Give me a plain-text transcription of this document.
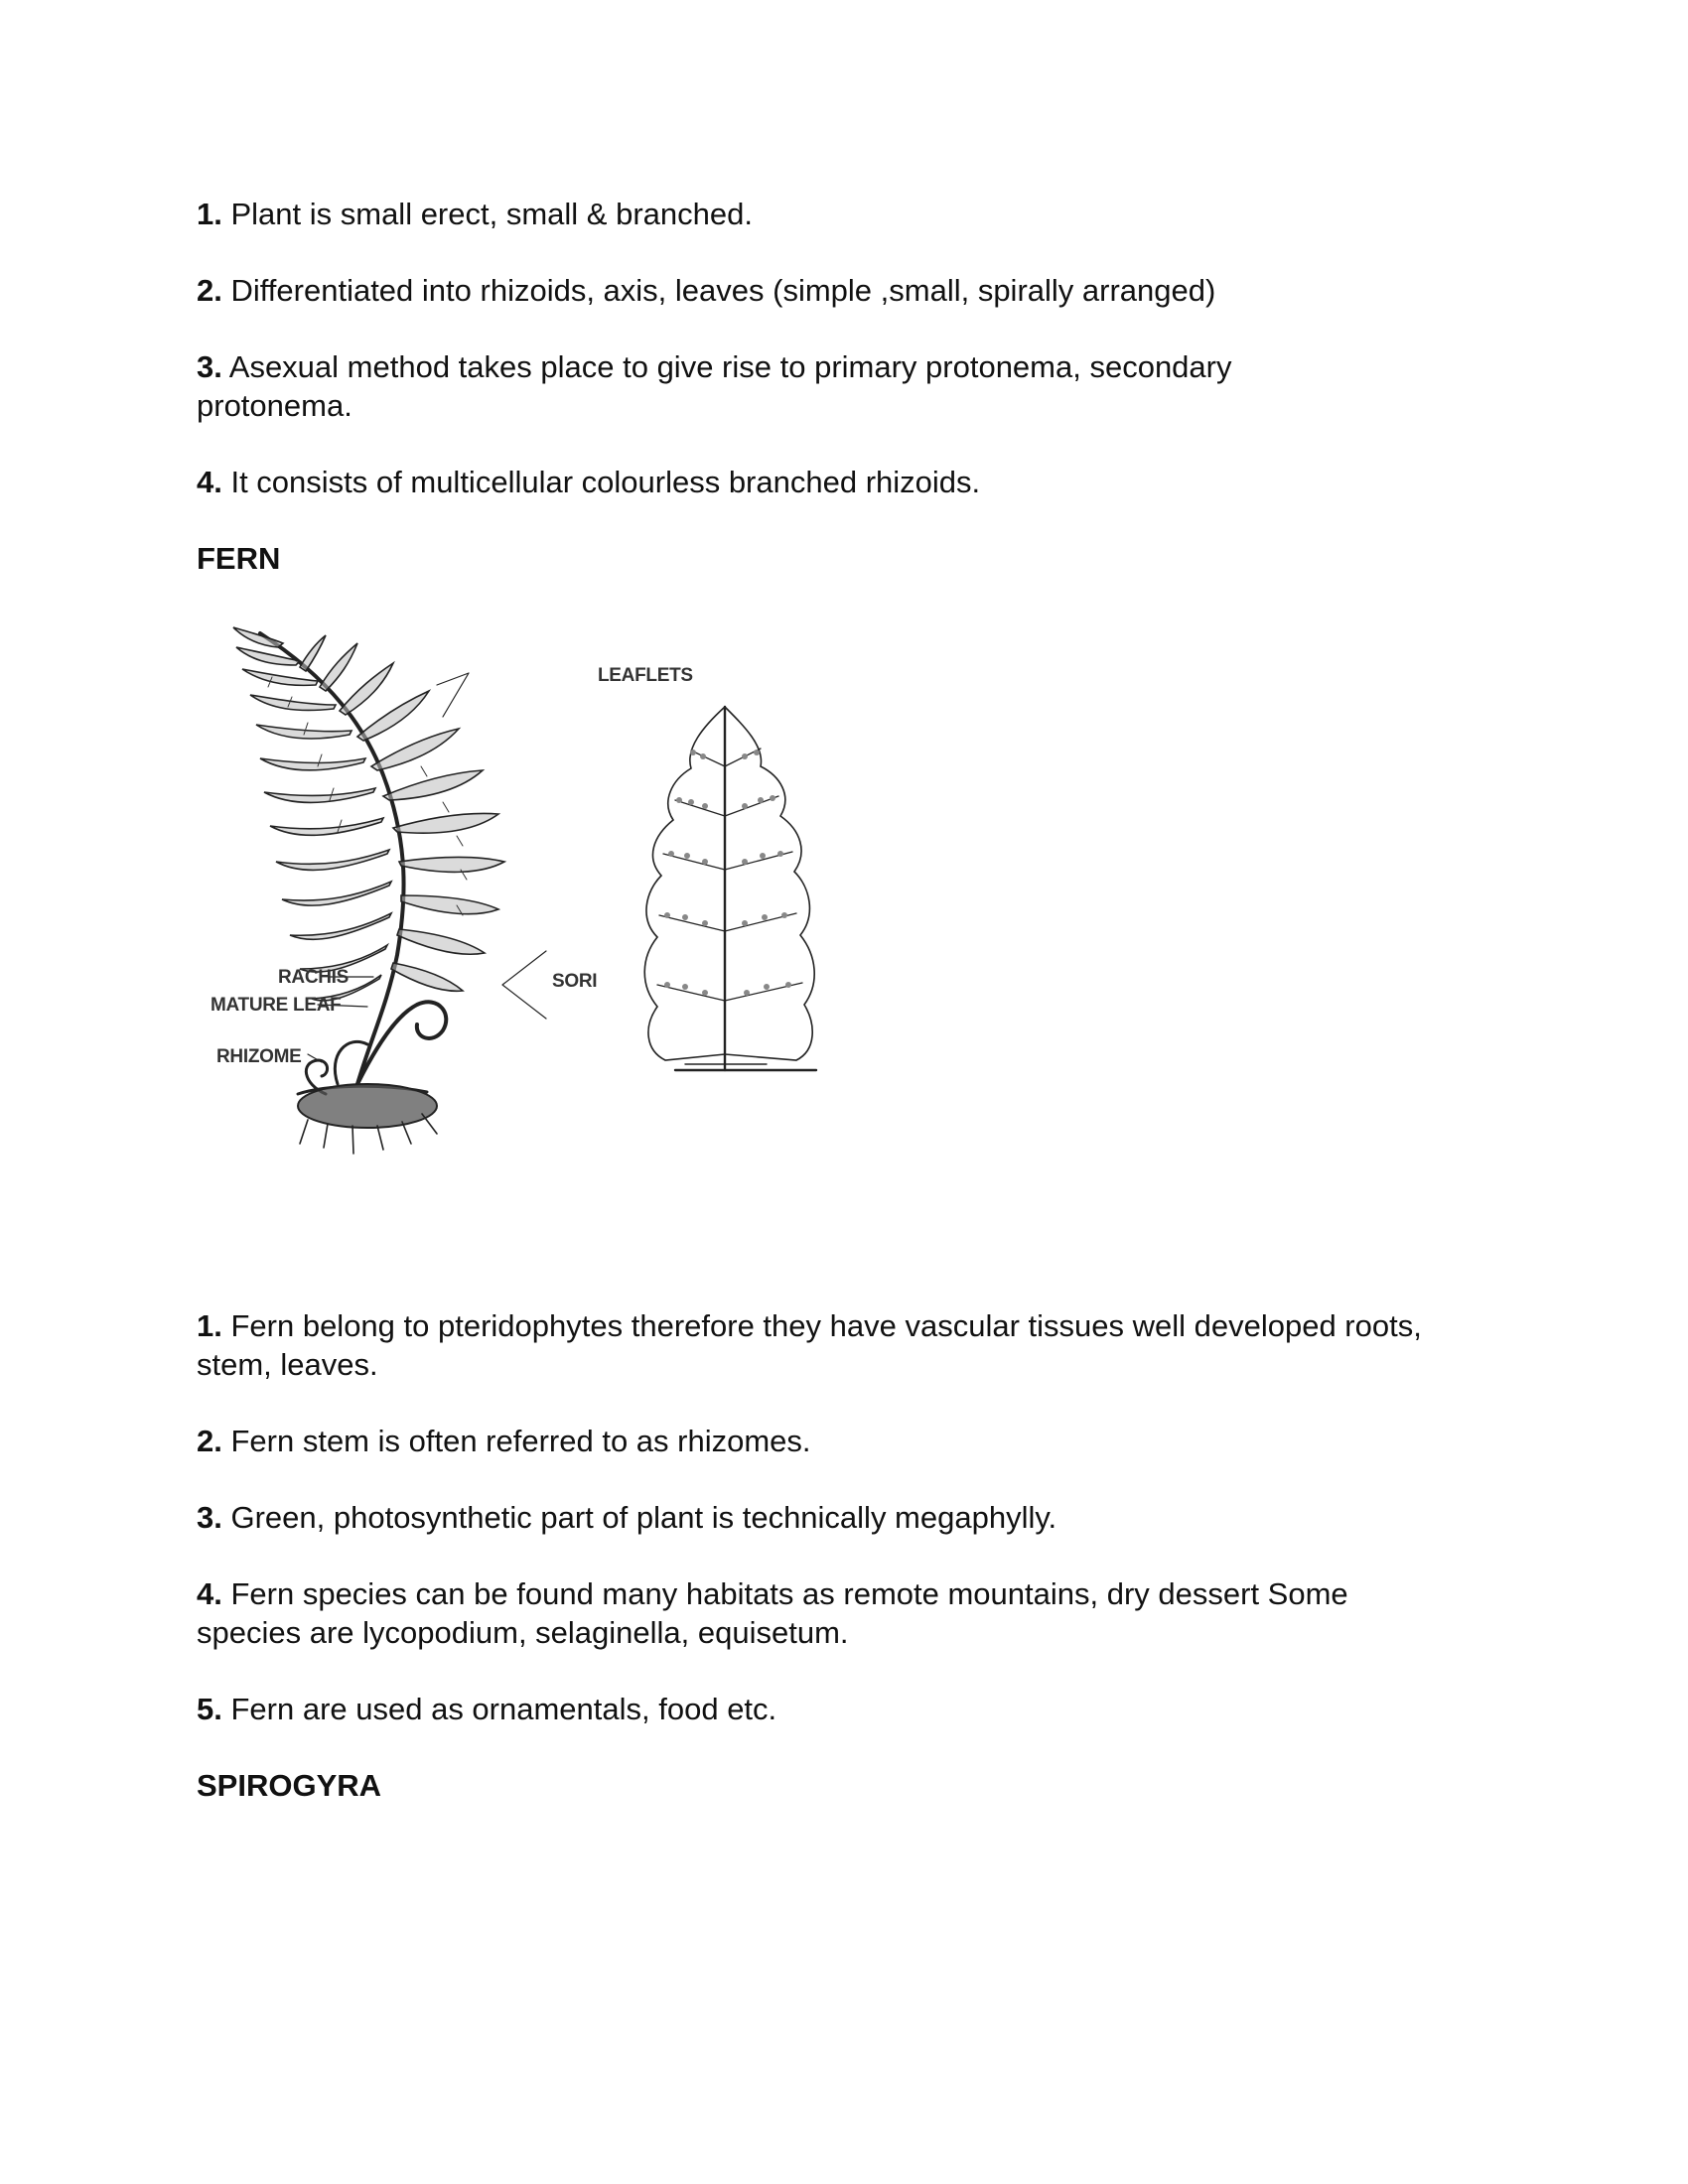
1. Plant is small erect, small & branched.

2. Differentiated into rhizoids, axis, leaves (simple ,small, spirally arranged)

3. Asexual method takes place to give rise to primary protonema, secondary protonema.

4. It consists of multicellular colourless branched rhizoids.

FERN

LEAFLETS
RACHIS
MATURE LEAF
RHIZOME
SORI

1. Fern belong to pteridophytes therefore they have vascular tissues well developed roots, stem, leaves.

2. Fern stem is often referred to as rhizomes.

3. Green, photosynthetic part of plant is technically megaphylly.

4. Fern species can be found many habitats as remote mountains, dry dessert Some species are lycopodium, selaginella, equisetum.

5. Fern are used as ornamentals, food etc.

SPIROGYRA
